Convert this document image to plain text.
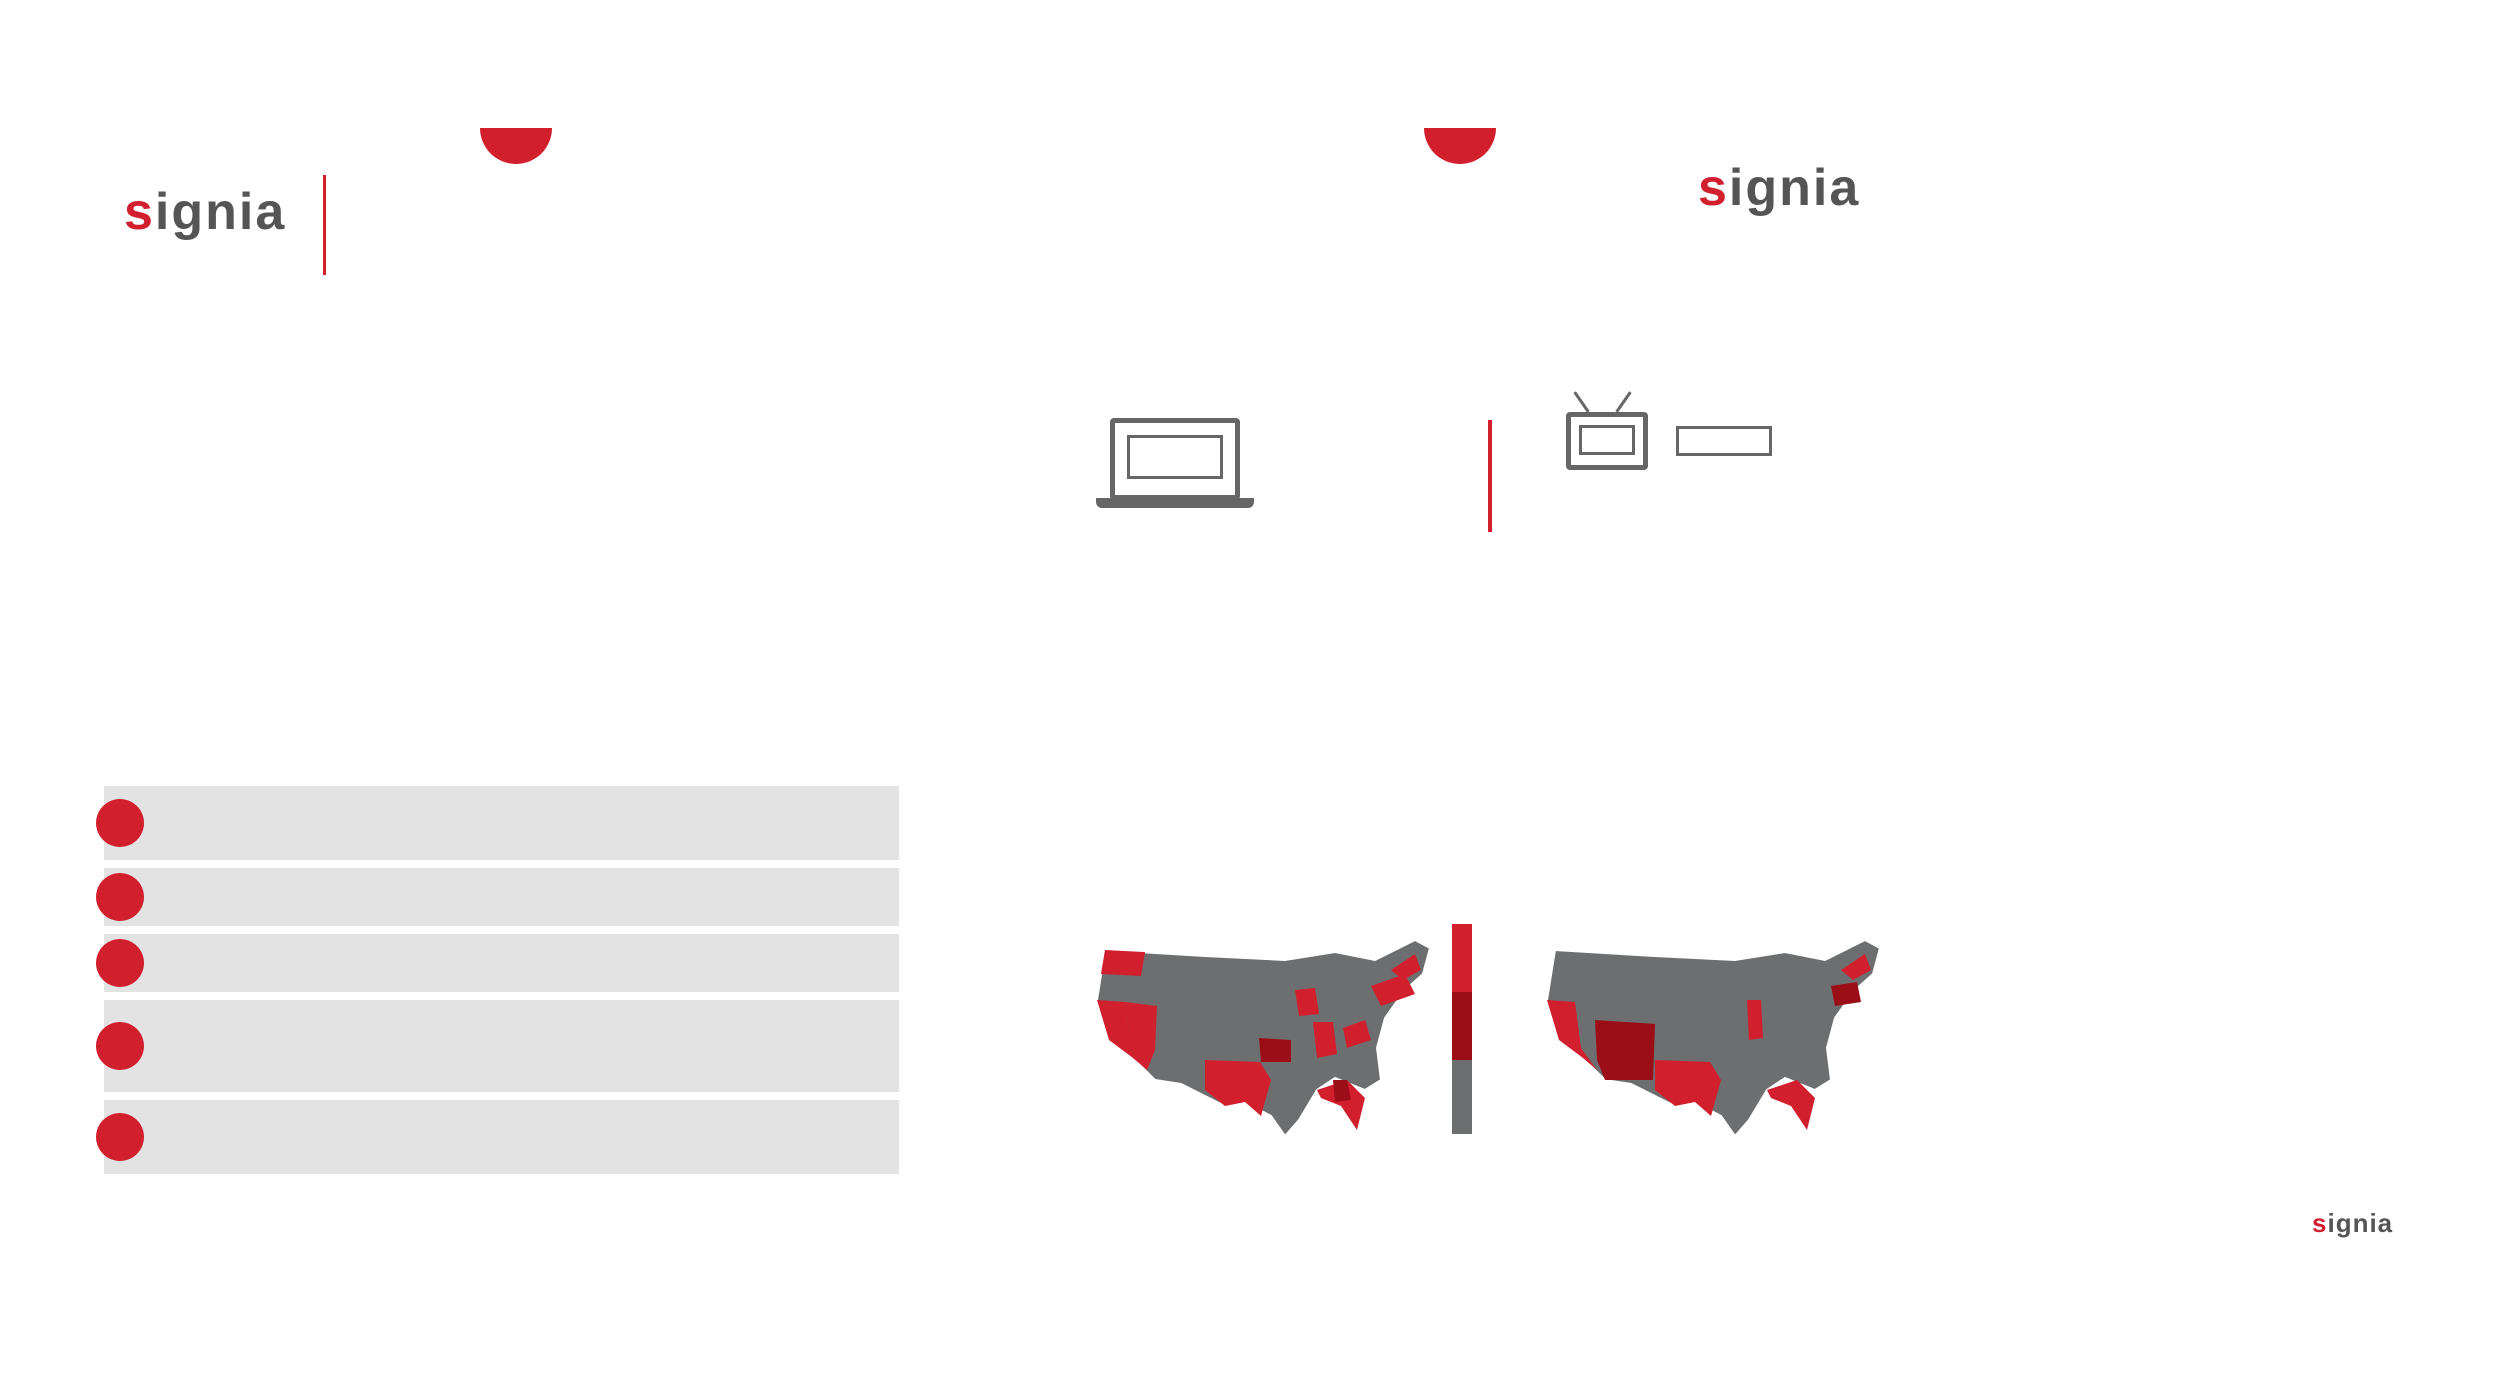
signia	signia
signia
